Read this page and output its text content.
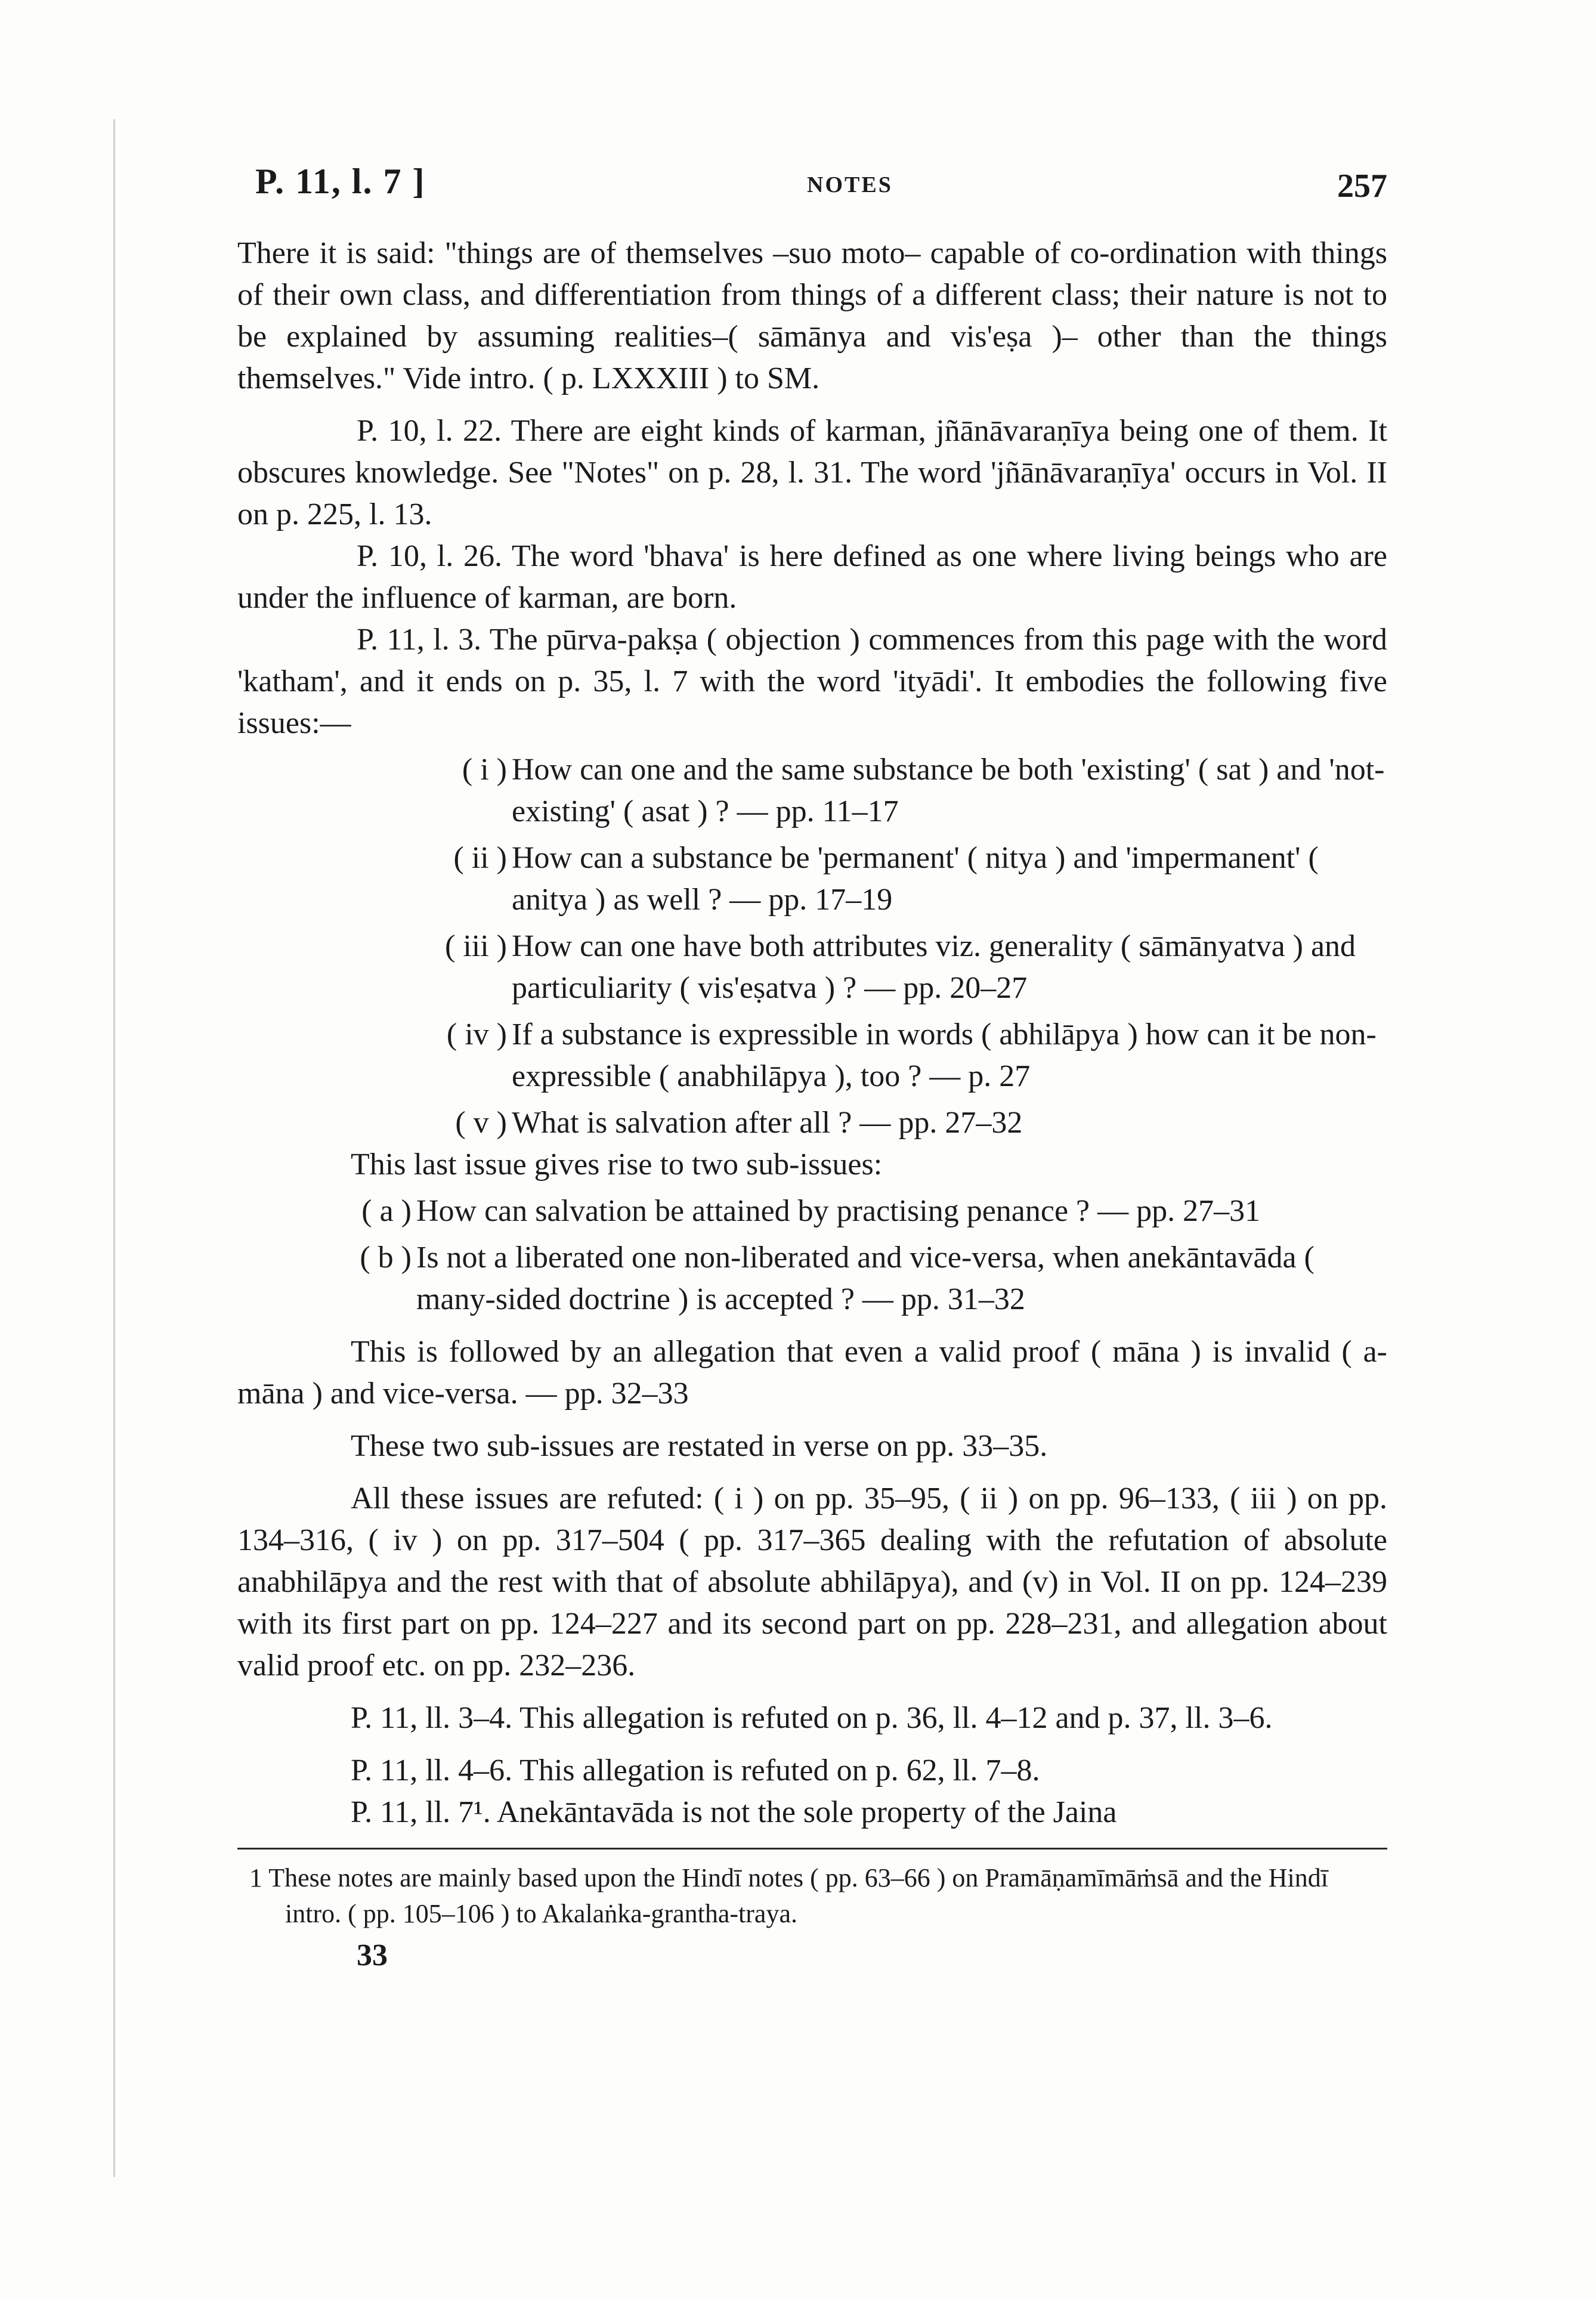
P. 11, l. 7 ]	NOTES	257

There it is said: "things are of themselves –suo moto– capable of co-ordination with things of their own class, and differentiation from things of a different class; their nature is not to be explained by assuming realities–( sāmānya and vis'eṣa )– other than the things themselves." Vide intro. ( p. LXXXIII ) to SM.

P. 10, l. 22. There are eight kinds of karman, jñānāvaraṇīya being one of them. It obscures knowledge. See "Notes" on p. 28, l. 31. The word 'jñānāvaraṇīya' occurs in Vol. II on p. 225, l. 13.

P. 10, l. 26. The word 'bhava' is here defined as one where living beings who are under the influence of karman, are born.

P. 11, l. 3. The pūrva-pakṣa ( objection ) commences from this page with the word 'katham', and it ends on p. 35, l. 7 with the word 'ityādi'. It embodies the following five issues:—

( i ) How can one and the same substance be both 'existing' ( sat ) and 'not-existing' ( asat ) ? — pp. 11–17
( ii ) How can a substance be 'permanent' ( nitya ) and 'impermanent' ( anitya ) as well ? — pp. 17–19
( iii ) How can one have both attributes viz. generality ( sāmānyatva ) and particuliarity ( vis'eṣatva ) ? — pp. 20–27
( iv ) If a substance is expressible in words ( abhilāpya ) how can it be non-expressible ( anabhilāpya ), too ? — p. 27
( v ) What is salvation after all ? — pp. 27–32

This last issue gives rise to two sub-issues:

( a ) How can salvation be attained by practising penance ? — pp. 27–31
( b ) Is not a liberated one non-liberated and vice-versa, when anekāntavāda ( many-sided doctrine ) is accepted ? — pp. 31–32

This is followed by an allegation that even a valid proof ( māna ) is invalid ( a-māna ) and vice-versa. — pp. 32–33

These two sub-issues are restated in verse on pp. 33–35.

All these issues are refuted: ( i ) on pp. 35–95, ( ii ) on pp. 96–133, ( iii ) on pp. 134–316, ( iv ) on pp. 317–504 ( pp. 317–365 dealing with the refutation of absolute anabhilāpya and the rest with that of absolute abhilāpya), and (v) in Vol. II on pp. 124–239 with its first part on pp. 124–227 and its second part on pp. 228–231, and allegation about valid proof etc. on pp. 232–236.

P. 11, ll. 3–4. This allegation is refuted on p. 36, ll. 4–12 and p. 37, ll. 3–6.

P. 11, ll. 4–6. This allegation is refuted on p. 62, ll. 7–8.

P. 11, ll. 7¹. Anekāntavāda is not the sole property of the Jaina

1 These notes are mainly based upon the Hindī notes ( pp. 63–66 ) on Pramāṇamīmāṁsā and the Hindī intro. ( pp. 105–106 ) to Akalaṅka-grantha-traya.
33
